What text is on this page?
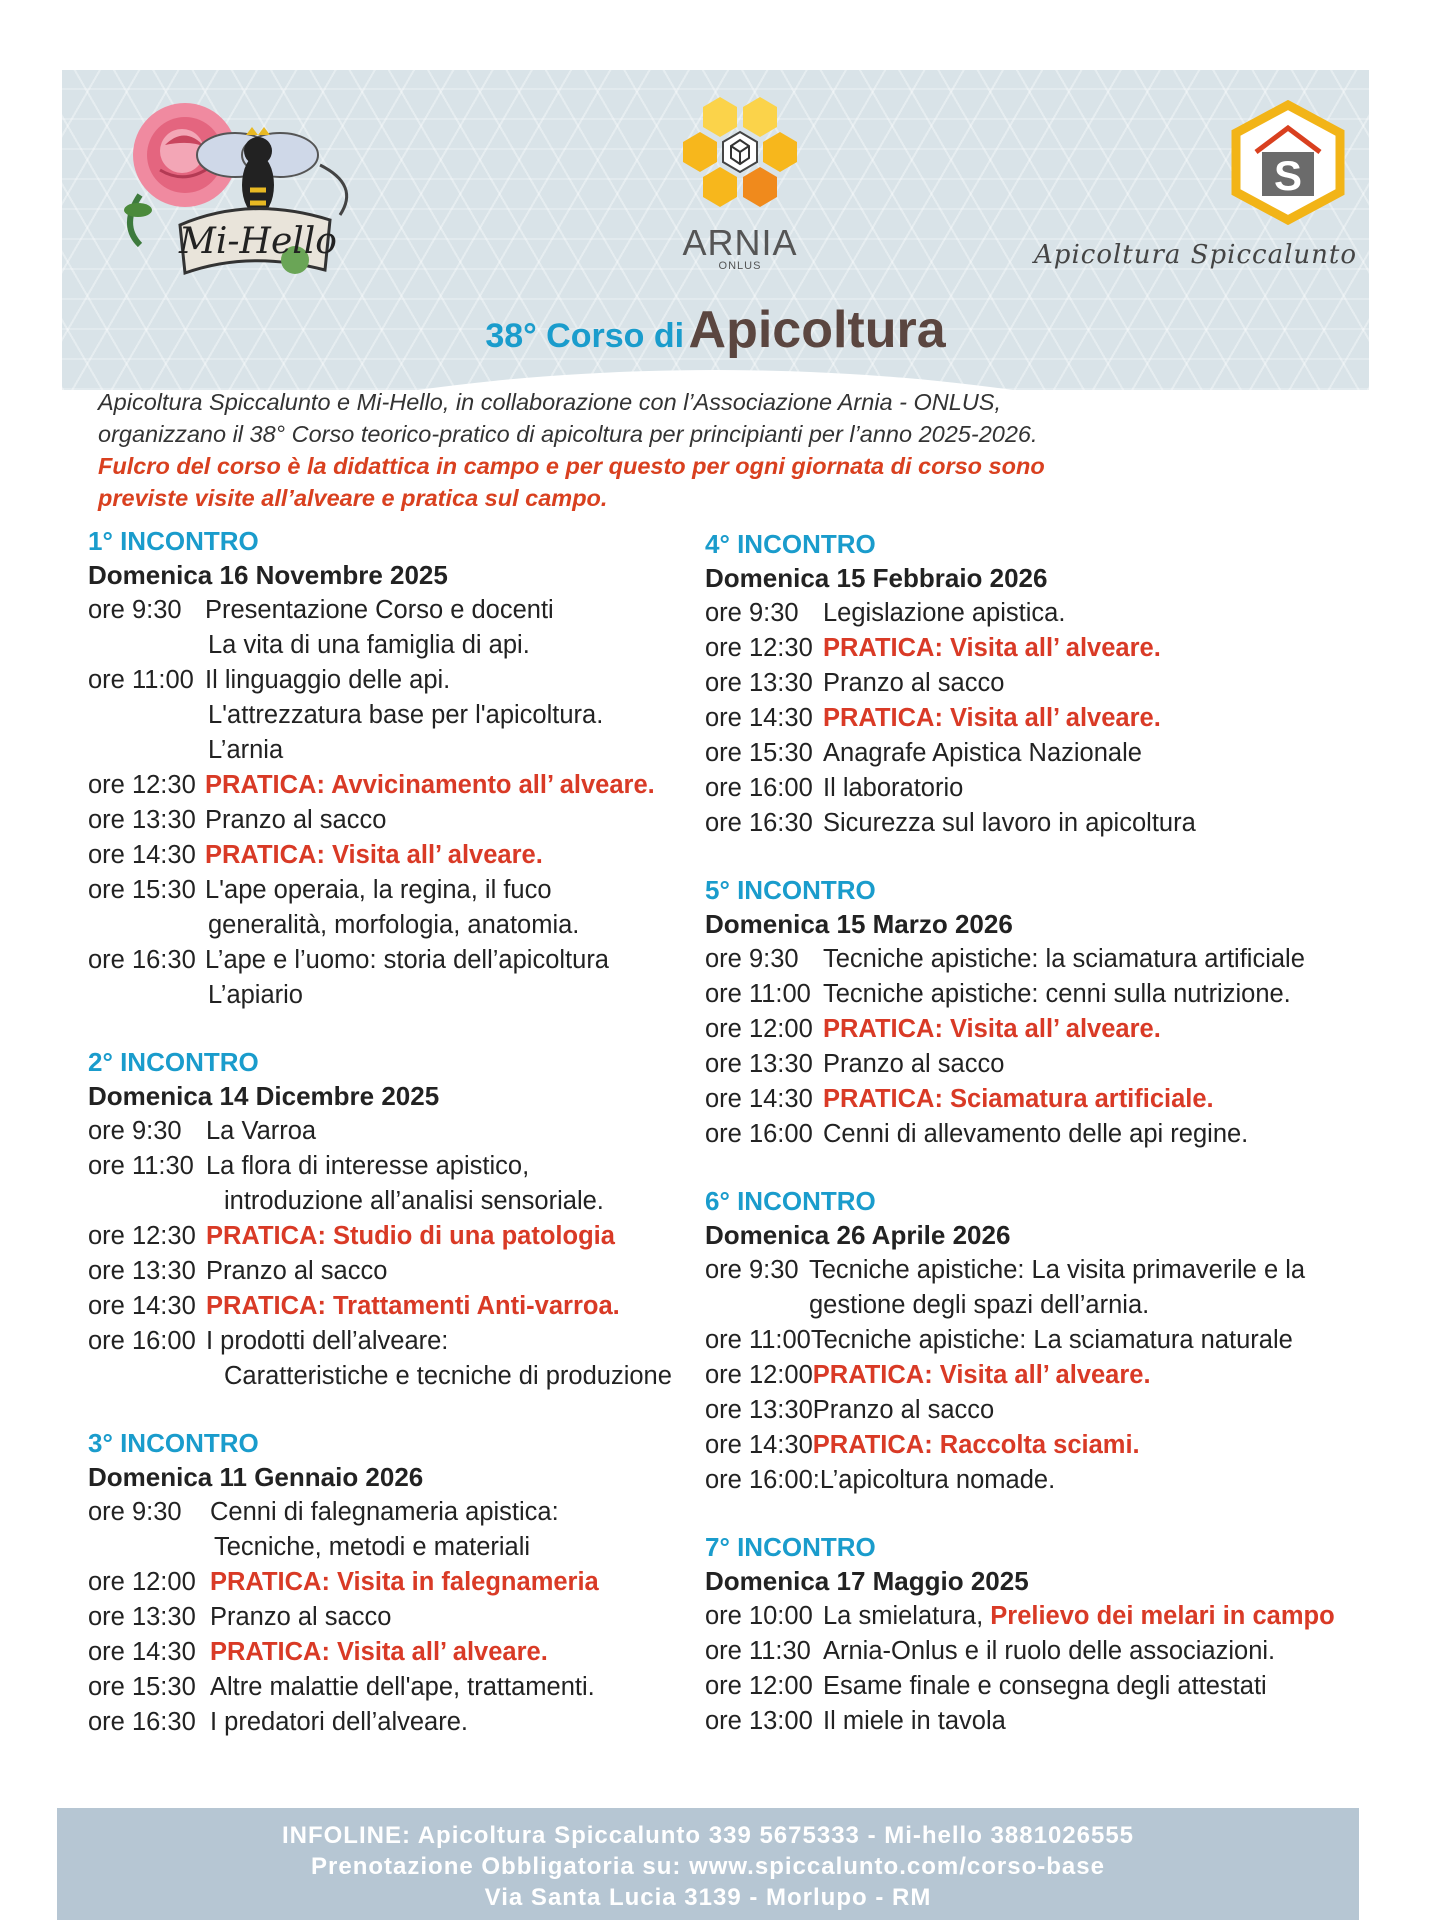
Mi-Hello	ARNIA
ONLUS
S
Apicoltura Spiccalunto
38° Corso di Apicoltura
Apicoltura Spiccalunto e Mi-Hello, in collaborazione con l’Associazione Arnia - ONLUS,
organizzano il 38° Corso teorico-pratico di apicoltura per principianti per l’anno 2025-2026.
Fulcro del corso è la didattica in campo e per questo per ogni giornata di corso sono
previste visite all’alveare e pratica sul campo.
1° INCONTRO
Domenica 16 Novembre 2025
ore 9:30 Presentazione Corso e docenti
La vita di una famiglia di api.
ore 11:00 Il linguaggio delle api.
L'attrezzatura base per l'apicoltura.
L’arnia
ore 12:30 PRATICA: Avvicinamento all’ alveare.
ore 13:30 Pranzo al sacco
ore 14:30 PRATICA: Visita all’ alveare.
ore 15:30 L'ape operaia, la regina, il fuco
generalità, morfologia, anatomia.
ore 16:30 L’ape e l’uomo: storia dell’apicoltura
L’apiario
2° INCONTRO
Domenica 14 Dicembre 2025
ore 9:30 La Varroa
ore 11:30 La flora di interesse apistico,
introduzione all’analisi sensoriale.
ore 12:30 PRATICA: Studio di una patologia
ore 13:30 Pranzo al sacco
ore 14:30 PRATICA: Trattamenti Anti-varroa.
ore 16:00 I prodotti dell’alveare:
Caratteristiche e tecniche di produzione
3° INCONTRO
Domenica 11 Gennaio 2026
ore 9:30 Cenni di falegnameria apistica:
Tecniche, metodi e materiali
ore 12:00 PRATICA: Visita in falegnameria
ore 13:30 Pranzo al sacco
ore 14:30 PRATICA: Visita all’ alveare.
ore 15:30 Altre malattie dell'ape, trattamenti.
ore 16:30 I predatori dell’alveare.
4° INCONTRO
Domenica 15 Febbraio 2026
ore 9:30 Legislazione apistica.
ore 12:30 PRATICA: Visita all’ alveare.
ore 13:30 Pranzo al sacco
ore 14:30 PRATICA: Visita all’ alveare.
ore 15:30 Anagrafe Apistica Nazionale
ore 16:00 Il laboratorio
ore 16:30 Sicurezza sul lavoro in apicoltura
5° INCONTRO
Domenica 15 Marzo 2026
ore 9:30 Tecniche apistiche: la sciamatura artificiale
ore 11:00 Tecniche apistiche: cenni sulla nutrizione.
ore 12:00 PRATICA: Visita all’ alveare.
ore 13:30 Pranzo al sacco
ore 14:30 PRATICA: Sciamatura artificiale.
ore 16:00 Cenni di allevamento delle api regine.
6° INCONTRO
Domenica 26 Aprile 2026
ore 9:30 Tecniche apistiche: La visita primaverile e la
gestione degli spazi dell’arnia.
ore 11:00Tecniche apistiche: La sciamatura naturale
ore 12:00PRATICA: Visita all’ alveare.
ore 13:30Pranzo al sacco
ore 14:30PRATICA: Raccolta sciami.
ore 16:00:L’apicoltura nomade.
7° INCONTRO
Domenica 17 Maggio 2025
ore 10:00 La smielatura, Prelievo dei melari in campo
ore 11:30 Arnia-Onlus e il ruolo delle associazioni.
ore 12:00 Esame finale e consegna degli attestati
ore 13:00 Il miele in tavola
INFOLINE: Apicoltura Spiccalunto 339 5675333 - Mi-hello 3881026555
Prenotazione Obbligatoria su: www.spiccalunto.com/corso-base
Via Santa Lucia 3139 - Morlupo - RM
